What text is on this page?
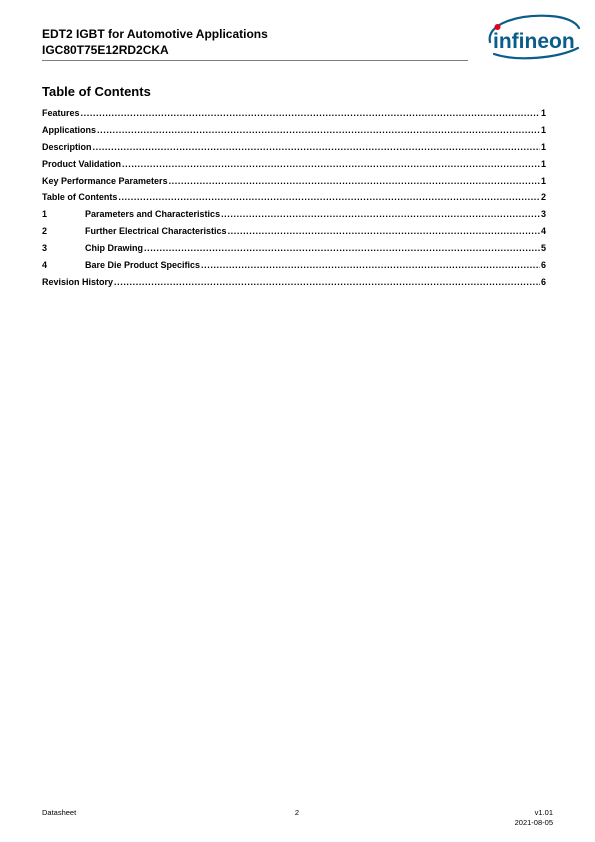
EDT2 IGBT for Automotive Applications
IGC80T75E12RD2CKA	infineon
Table of Contents
Features .....	1
Applications .....	1
Description .....	1
Product Validation .....	1
Key Performance Parameters .....	1
Table of Contents .....	2
1	Parameters and Characteristics .....	3
2	Further Electrical Characteristics .....	4
3	Chip Drawing .....	5
4	Bare Die Product Specifics .....	6
Revision History .....	6
Datasheet	2	v1.01
2021-08-05
